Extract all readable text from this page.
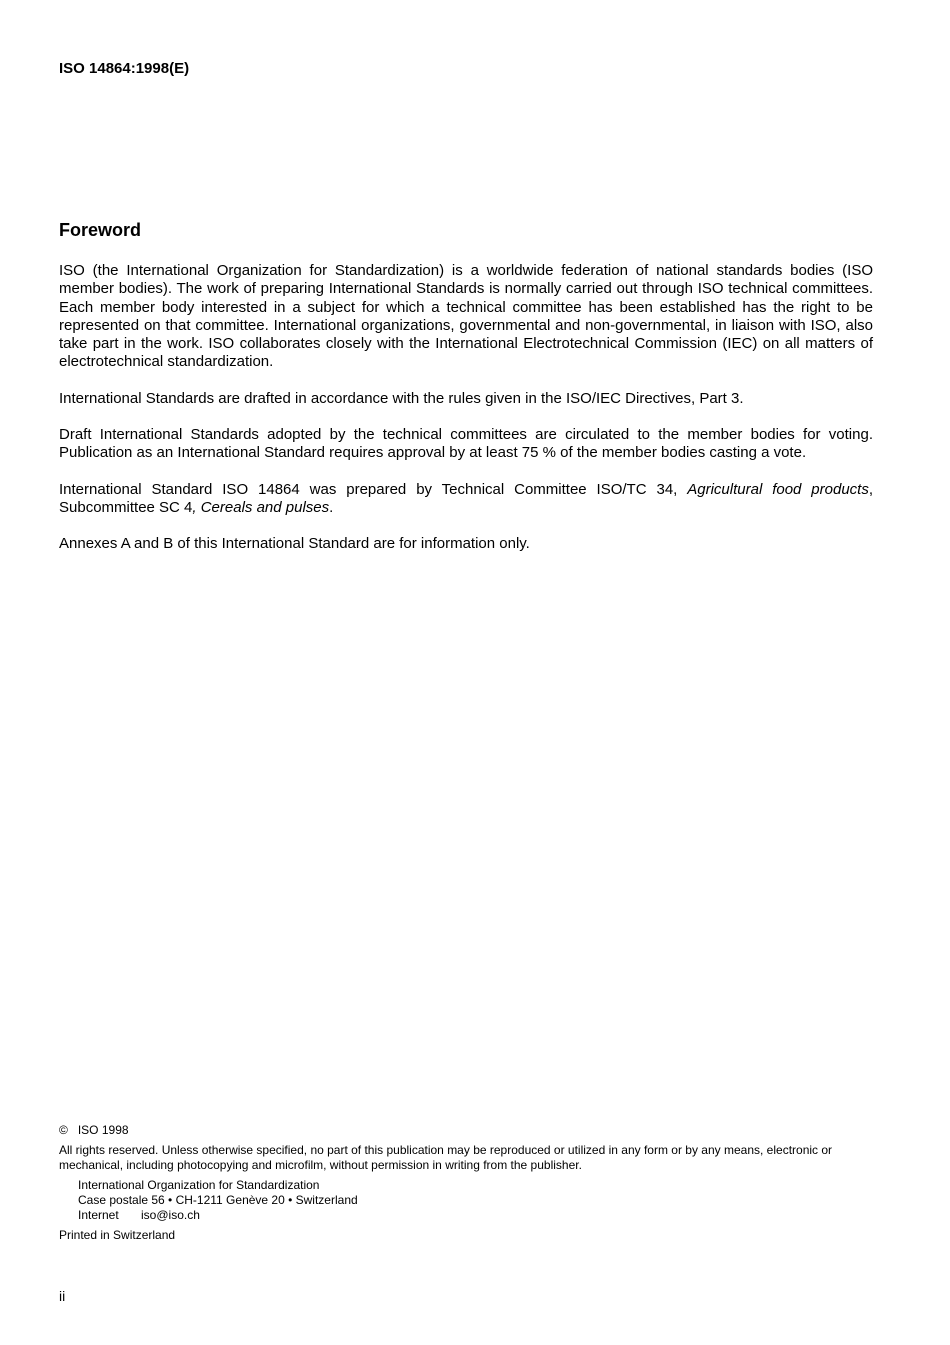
ISO 14864:1998(E)
Foreword

ISO (the International Organization for Standardization) is a worldwide federation of national standards bodies (ISO member bodies). The work of preparing International Standards is normally carried out through ISO technical committees. Each member body interested in a subject for which a technical committee has been established has the right to be represented on that committee. International organizations, governmental and non-governmental, in liaison with ISO, also take part in the work. ISO collaborates closely with the International Electrotechnical Commission (IEC) on all matters of electrotechnical standardization.

International Standards are drafted in accordance with the rules given in the ISO/IEC Directives, Part 3.

Draft International Standards adopted by the technical committees are circulated to the member bodies for voting. Publication as an International Standard requires approval by at least 75 % of the member bodies casting a vote.

International Standard ISO 14864 was prepared by Technical Committee ISO/TC 34, Agricultural food products, Subcommittee SC 4, Cereals and pulses.

Annexes A and B of this International Standard are for information only.

© ISO 1998

All rights reserved. Unless otherwise specified, no part of this publication may be reproduced or utilized in any form or by any means, electronic or mechanical, including photocopying and microfilm, without permission in writing from the publisher.

International Organization for Standardization
Case postale 56 • CH-1211 Genève 20 • Switzerland
Internet iso@iso.ch

Printed in Switzerland

ii
